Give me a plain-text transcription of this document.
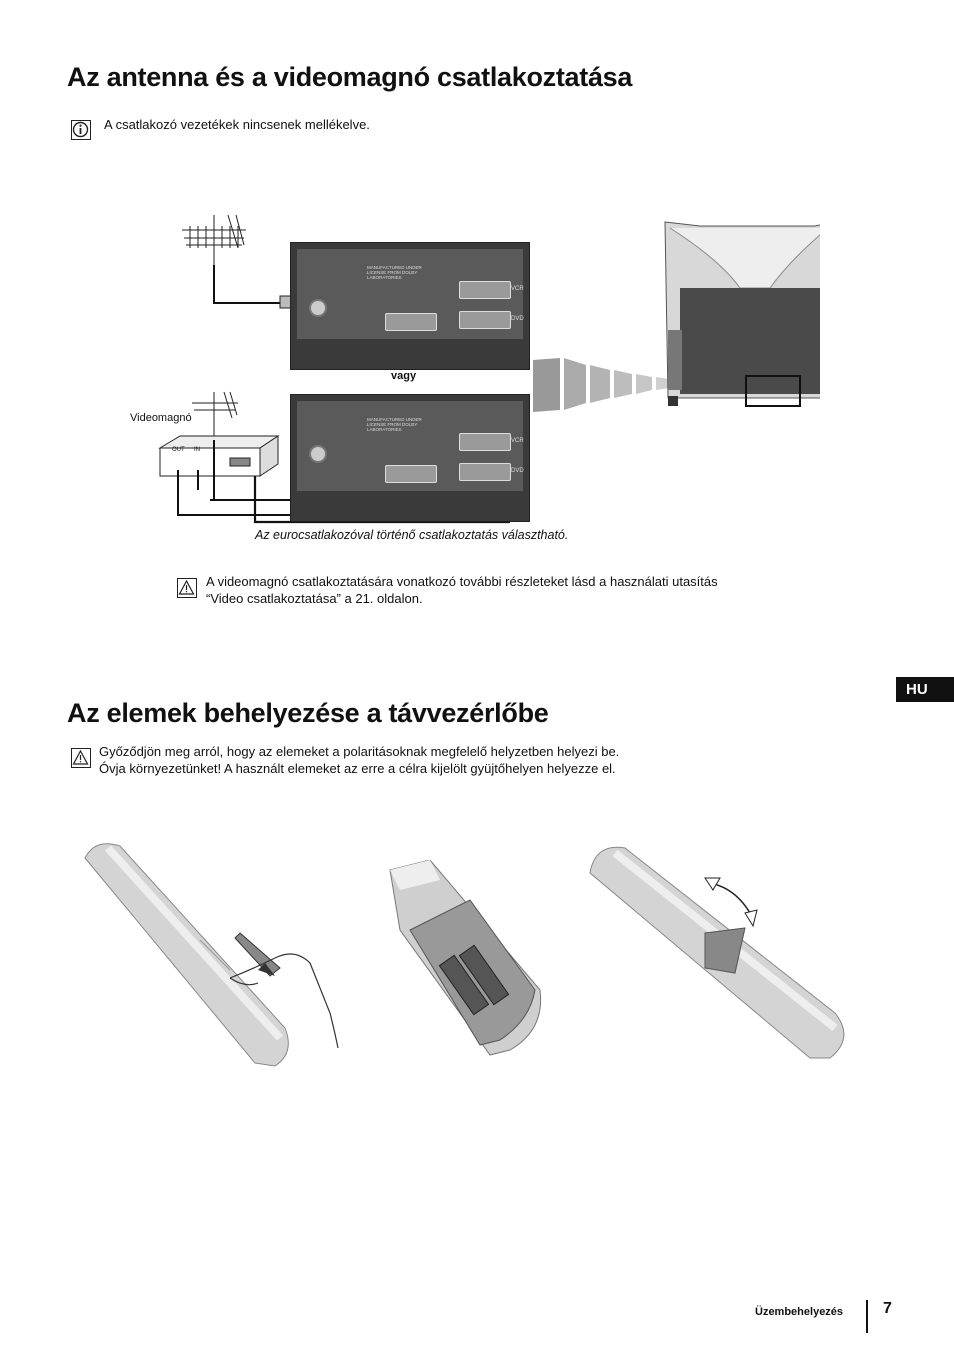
Az antenna és a videomagnó csatlakoztatása
A csatlakozó vezetékek nincsenek mellékelve.
MANUFACTURED UNDER LICENSE FROM DOLBY LABORATORIES
VCR
DVD
vagy
MANUFACTURED UNDER LICENSE FROM DOLBY LABORATORIES
VCR
DVD
Videomagnó
OUT IN
Az eurocsatlakozóval történő csatlakoztatás választható.
A videomagnó csatlakoztatására vonatkozó további részleteket lásd a használati utasítás
“Video csatlakoztatása” a 21. oldalon.
HU
Az elemek behelyezése a távvezérlőbe
Győződjön meg arról, hogy az elemeket a polaritásoknak megfelelő helyzetben helyezi be.
Óvja környezetünket! A használt elemeket az erre a célra kijelölt gyüjtőhelyen helyezze el.
Üzembehelyezés 7
